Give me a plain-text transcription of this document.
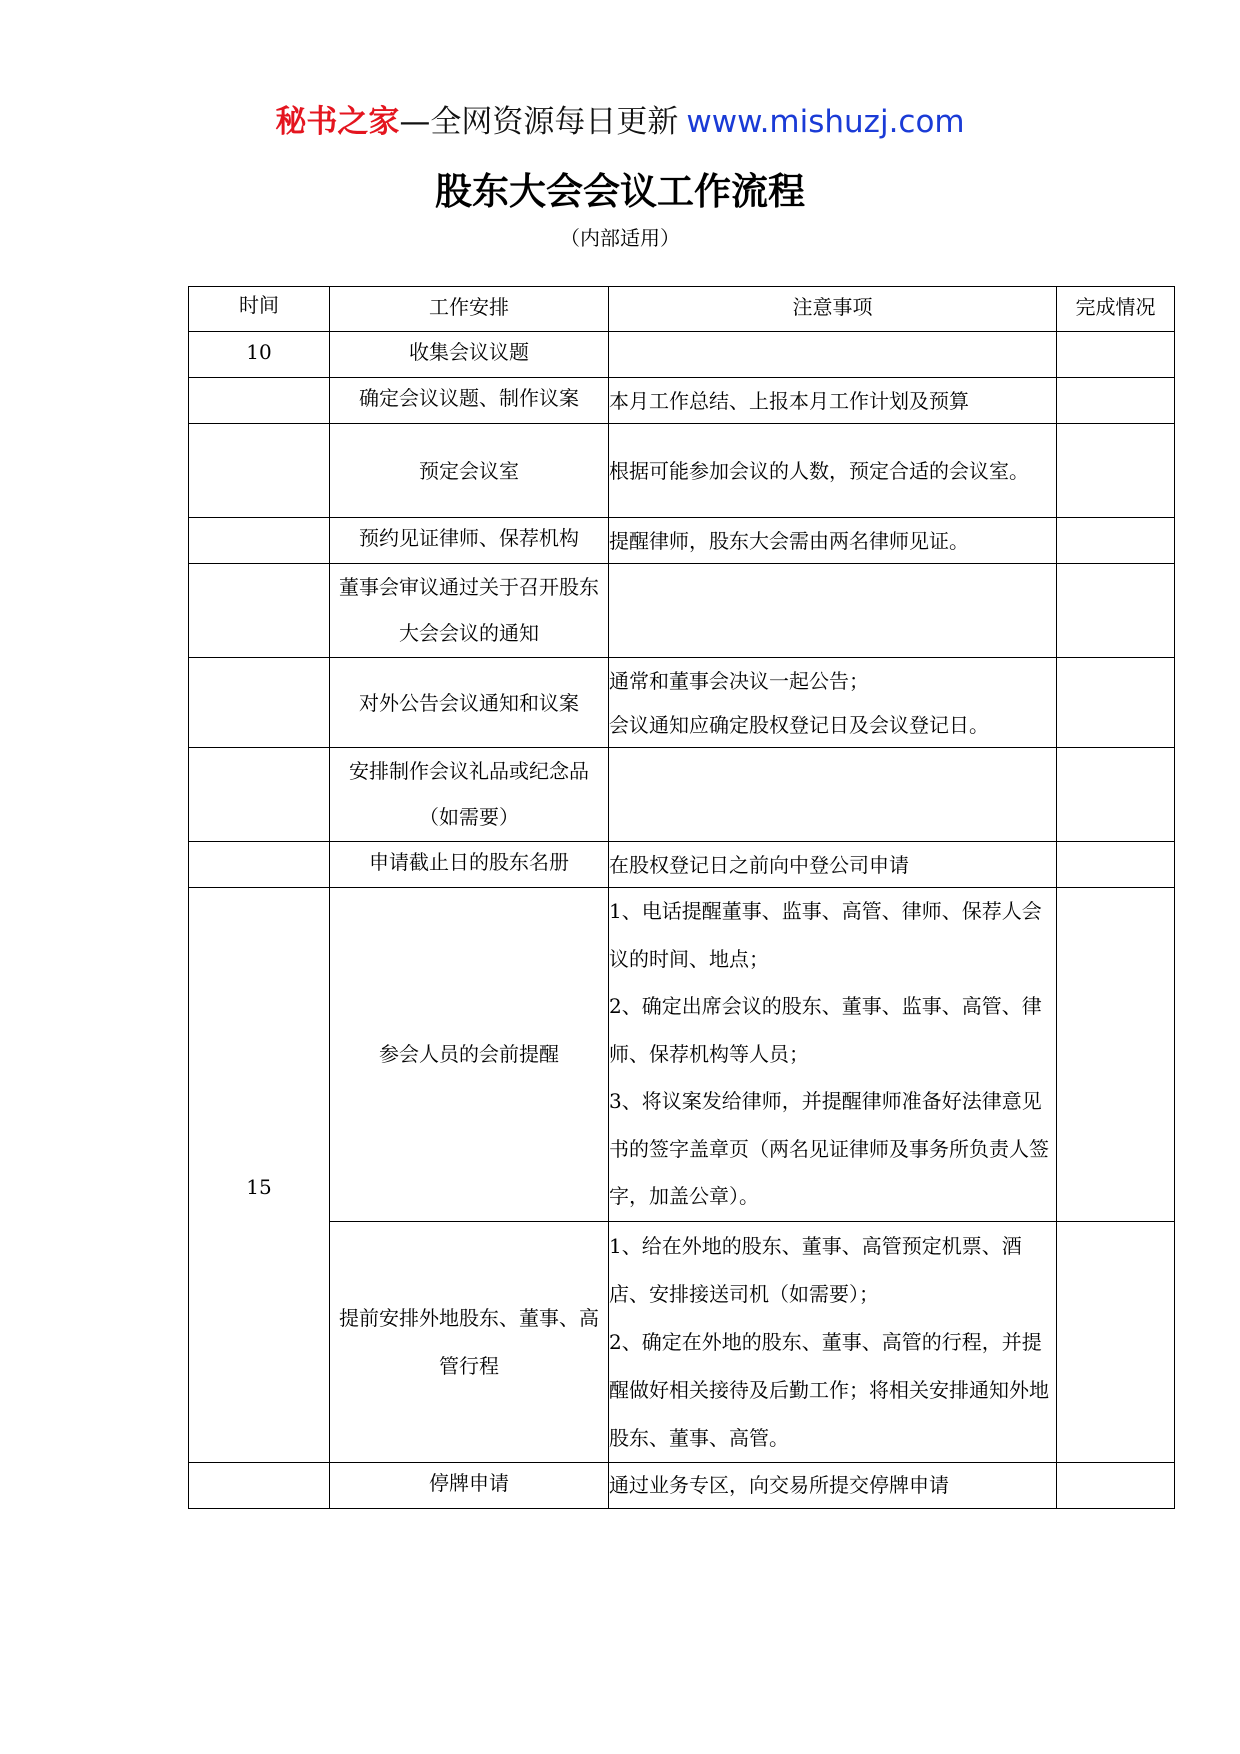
秘书之家—全网资源每日更新 www.mishuzj.com
股东大会会议工作流程
（内部适用）
时间	工作安排	注意事项	完成情况
10	收集会议议题		
	确定会议议题、制作议案	本月工作总结、上报本月工作计划及预算	

	预定会议室	根据可能参加会议的人数，预定合适的会议室。	

	预约见证律师、保荐机构	提醒律师，股东大会需由两名律师见证。	

	董事会审议通过关于召开股东大会会议的通知		
	对外公告会议通知和议案	通常和董事会决议一起公告；
会议通知应确定股权登记日及会议登记日。	

	安排制作会议礼品或纪念品（如需要）		
	申请截止日的股东名册	在股权登记日之前向中登公司申请	

15	参会人员的会前提醒	1、电话提醒董事、监事、高管、律师、保荐人会议的时间、地点；
2、确定出席会议的股东、董事、监事、高管、律师、保荐机构等人员；
3、将议案发给律师，并提醒律师准备好法律意见书的签字盖章页（两名见证律师及事务所负责人签字，加盖公章）。	

	提前安排外地股东、董事、高管行程	1、给在外地的股东、董事、高管预定机票、酒店、安排接送司机（如需要）；
2、确定在外地的股东、董事、高管的行程，并提醒做好相关接待及后勤工作；将相关安排通知外地股东、董事、高管。	

	停牌申请	通过业务专区，向交易所提交停牌申请	
